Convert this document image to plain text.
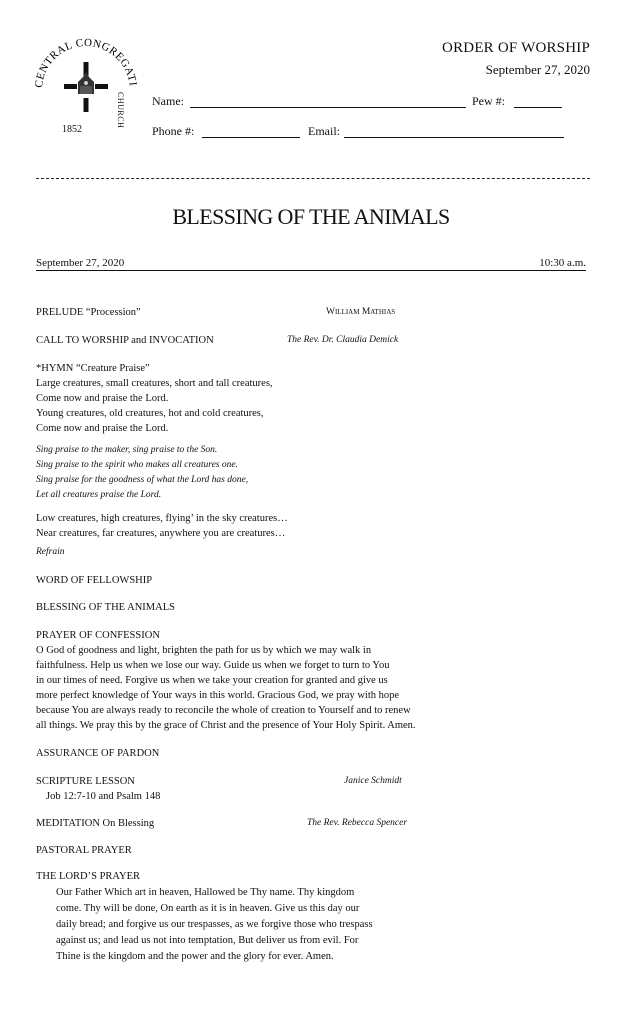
CENTRAL CONGREGATI
1852
CHURCH
ORDER OF WORSHIP
September 27, 2020
Name:	Pew #:
Phone #:	Email:
BLESSING OF THE ANIMALS
September 27, 2020	10:30 a.m.
PRELUDE “Procession”	William Mathias
CALL TO WORSHIP and INVOCATION	The Rev. Dr. Claudia Demick
*HYMN “Creature Praise”
Large creatures, small creatures, short and tall creatures,
Come now and praise the Lord.
Young creatures, old creatures, hot and cold creatures,
Come now and praise the Lord.
Sing praise to the maker, sing praise to the Son.
Sing praise to the spirit who makes all creatures one.
Sing praise for the goodness of what the Lord has done,
Let all creatures praise the Lord.
Low creatures, high creatures, flying’ in the sky creatures…
Near creatures, far creatures, anywhere you are creatures…
Refrain
WORD OF FELLOWSHIP
BLESSING OF THE ANIMALS
PRAYER OF CONFESSION
O God of goodness and light, brighten the path for us by which we may walk in
faithfulness. Help us when we lose our way. Guide us when we forget to turn to You
in our times of need. Forgive us when we take your creation for granted and give us
more perfect knowledge of Your ways in this world. Gracious God, we pray with hope
because You are always ready to reconcile the whole of creation to Yourself and to renew
all things. We pray this by the grace of Christ and the presence of Your Holy Spirit. Amen.
ASSURANCE OF PARDON
SCRIPTURE LESSON	Janice Schmidt
Job 12:7-10 and Psalm 148
MEDITATION On Blessing	The Rev. Rebecca Spencer
PASTORAL PRAYER
THE LORD’S PRAYER
Our Father Which art in heaven, Hallowed be Thy name. Thy kingdom
come. Thy will be done, On earth as it is in heaven. Give us this day our
daily bread; and forgive us our trespasses, as we forgive those who trespass
against us; and lead us not into temptation, But deliver us from evil. For
Thine is the kingdom and the power and the glory for ever. Amen.
